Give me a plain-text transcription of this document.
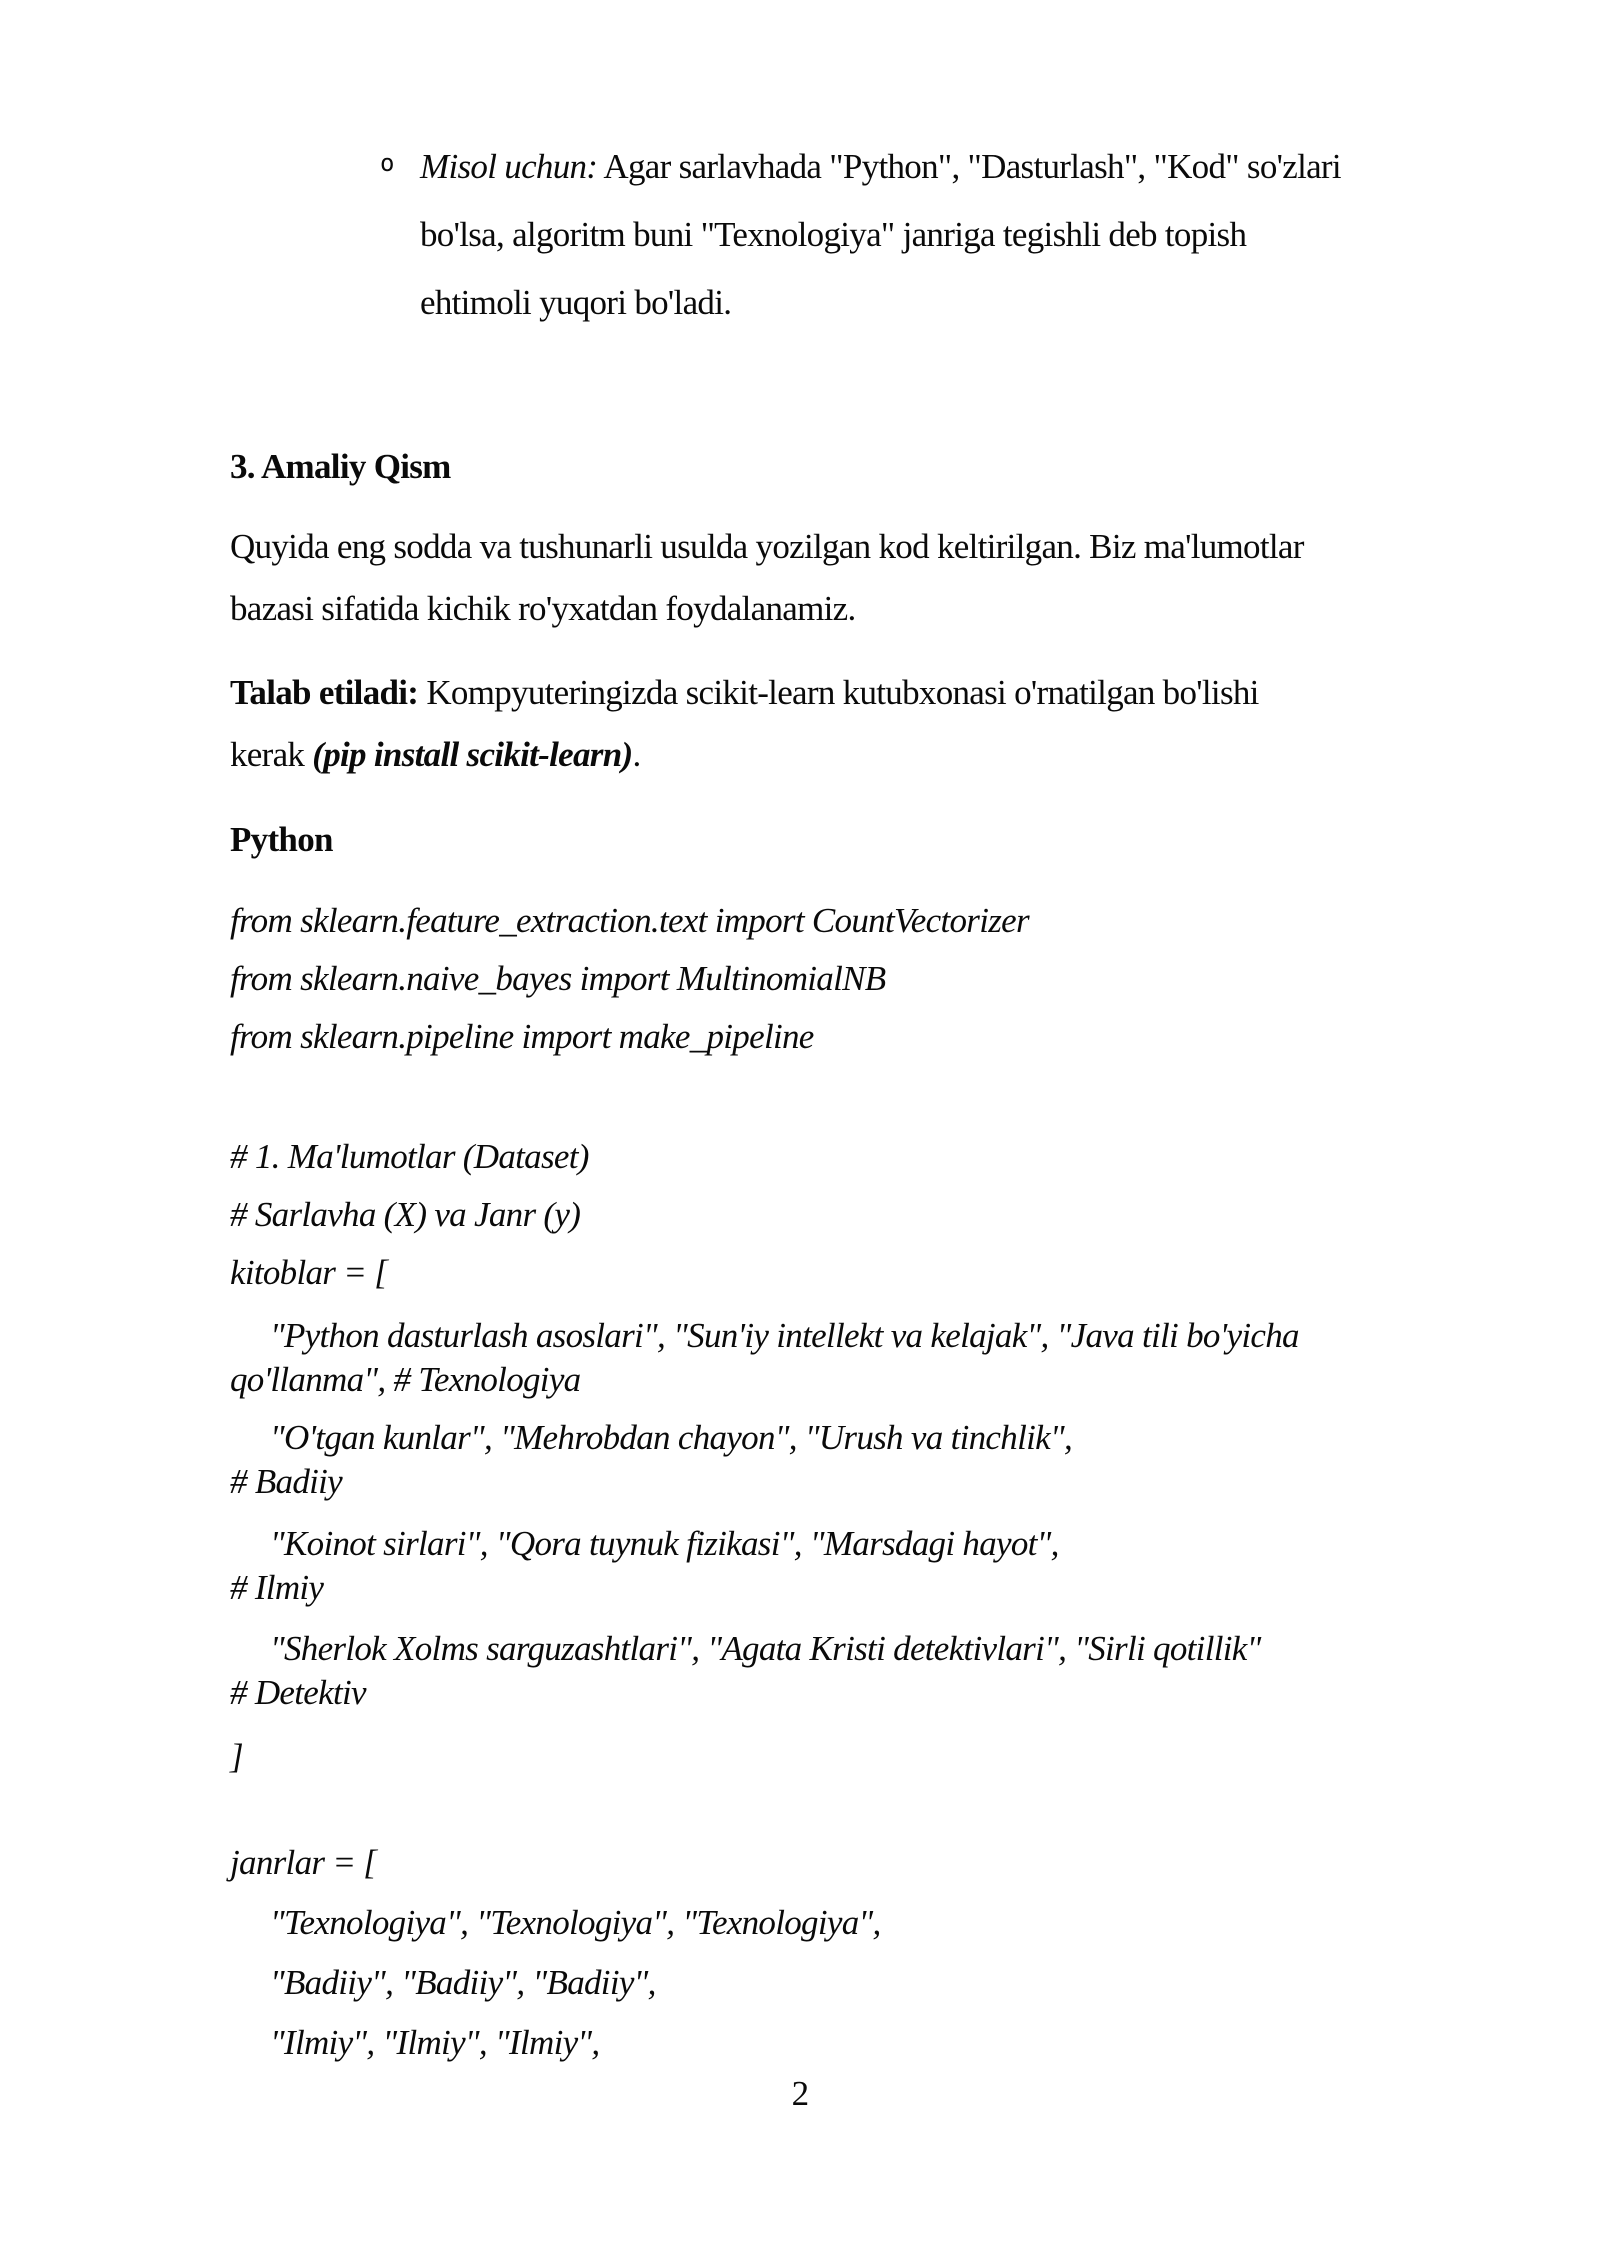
o Misol uchun: Agar sarlavhada "Python", "Dasturlash", "Kod" so'zlari
bo'lsa, algoritm buni "Texnologiya" janriga tegishli deb topish
ehtimoli yuqori bo'ladi.
3. Amaliy Qism
Quyida eng sodda va tushunarli usulda yozilgan kod keltirilgan. Biz ma'lumotlar
bazasi sifatida kichik ro'yxatdan foydalanamiz.
Talab etiladi: Kompyuteringizda scikit-learn kutubxonasi o'rnatilgan bo'lishi
kerak (pip install scikit-learn).
Python
from sklearn.feature_extraction.text import CountVectorizer
from sklearn.naive_bayes import MultinomialNB
from sklearn.pipeline import make_pipeline
# 1. Ma'lumotlar (Dataset)
# Sarlavha (X) va Janr (y)
kitoblar = [
"Python dasturlash asoslari", "Sun'iy intellekt va kelajak", "Java tili bo'yicha
qo'llanma", # Texnologiya
"O'tgan kunlar", "Mehrobdan chayon", "Urush va tinchlik",
# Badiiy
"Koinot sirlari", "Qora tuynuk fizikasi", "Marsdagi hayot",
# Ilmiy
"Sherlok Xolms sarguzashtlari", "Agata Kristi detektivlari", "Sirli qotillik"
# Detektiv
]
janrlar = [
"Texnologiya", "Texnologiya", "Texnologiya",
"Badiiy", "Badiiy", "Badiiy",
"Ilmiy", "Ilmiy", "Ilmiy",
2
